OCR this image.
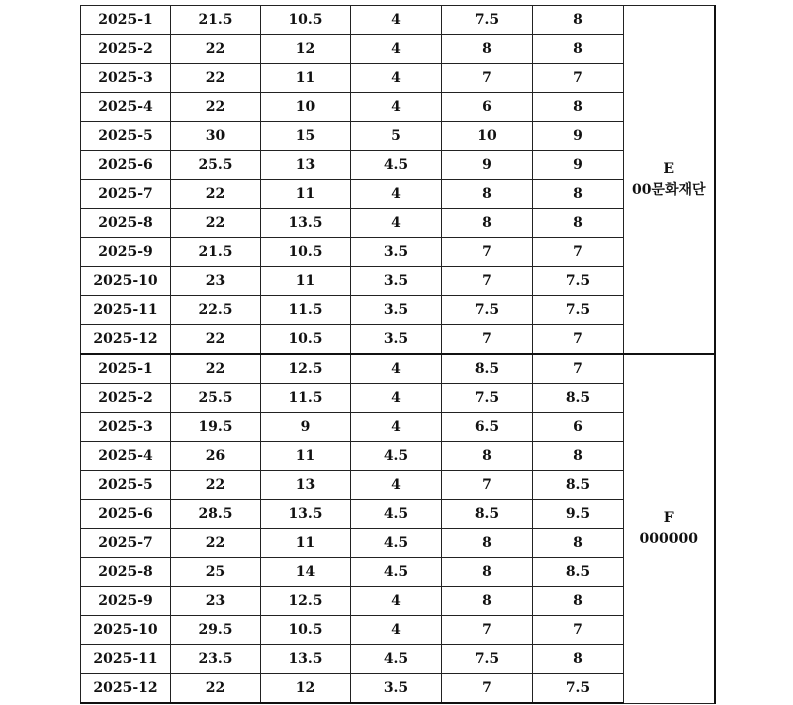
2025-1	21.5	10.5	4	7.5	8	E
00문화재단

2025-2	22	12	4	8	8	
2025-3	22	11	4	7	7	
2025-4	22	10	4	6	8	
2025-5	30	15	5	10	9	
2025-6	25.5	13	4.5	9	9	
2025-7	22	11	4	8	8	
2025-8	22	13.5	4	8	8	
2025-9	21.5	10.5	3.5	7	7	
2025-10	23	11	3.5	7	7.5	
2025-11	22.5	11.5	3.5	7.5	7.5	
2025-12	22	10.5	3.5	7	7	
2025-1	22	12.5	4	8.5	7	F
000000

2025-2	25.5	11.5	4	7.5	8.5	
2025-3	19.5	9	4	6.5	6	
2025-4	26	11	4.5	8	8	
2025-5	22	13	4	7	8.5	
2025-6	28.5	13.5	4.5	8.5	9.5	
2025-7	22	11	4.5	8	8	
2025-8	25	14	4.5	8	8.5	
2025-9	23	12.5	4	8	8	
2025-10	29.5	10.5	4	7	7	
2025-11	23.5	13.5	4.5	7.5	8	
2025-12	22	12	3.5	7	7.5	
